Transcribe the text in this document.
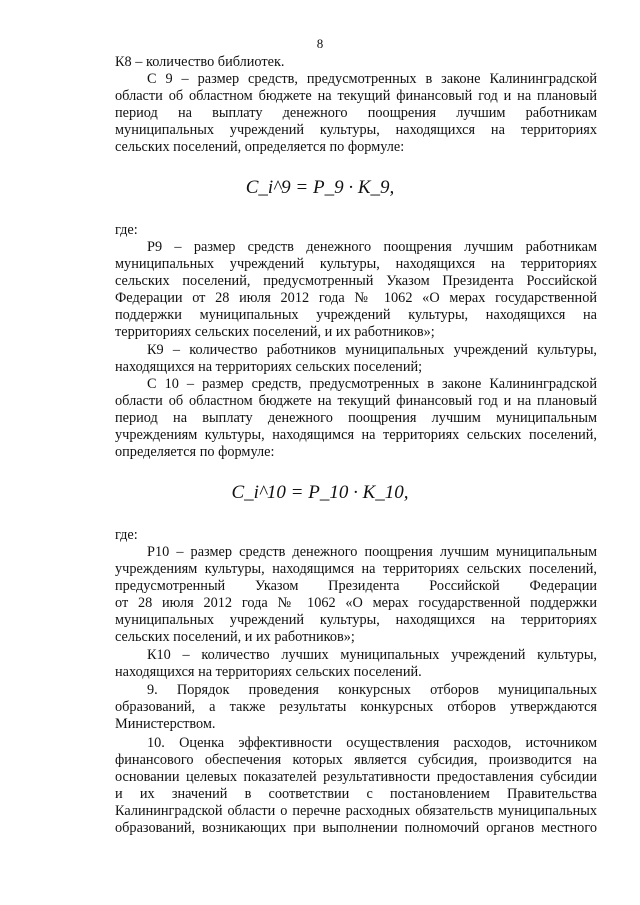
8
К8 – количество библиотек.
C 9 – размер средств, предусмотренных в законе Калининградской
области об областном бюджете на текущий финансовый год и на плановый
период на выплату денежного поощрения лучшим работникам
муниципальных учреждений культуры, находящихся на территориях
сельских поселений, определяется по формуле:
C_i^9 = P_9 · K_9,
где:
Р9 – размер средств денежного поощрения лучшим работникам
муниципальных учреждений культуры, находящихся на территориях
сельских поселений, предусмотренный Указом Президента Российской
Федерации от 28 июля 2012 года № 1062 «О мерах государственной
поддержки муниципальных учреждений культуры, находящихся на
территориях сельских поселений, и их работников»;
К9 – количество работников муниципальных учреждений культуры,
находящихся на территориях сельских поселений;
C 10 – размер средств, предусмотренных в законе Калининградской
области об областном бюджете на текущий финансовый год и на плановый
период на выплату денежного поощрения лучшим муниципальным
учреждениям культуры, находящимся на территориях сельских поселений,
определяется по формуле:
C_i^10 = P_10 · K_10,
где:
Р10 – размер средств денежного поощрения лучшим муниципальным
учреждениям культуры, находящимся на территориях сельских поселений,
предусмотренный Указом Президента Российской Федерации
от 28 июля 2012 года № 1062 «О мерах государственной поддержки
муниципальных учреждений культуры, находящихся на территориях
сельских поселений, и их работников»;
К10 – количество лучших муниципальных учреждений культуры,
находящихся на территориях сельских поселений.
9. Порядок проведения конкурсных отборов муниципальных
образований, а также результаты конкурсных отборов утверждаются
Министерством.
10. Оценка эффективности осуществления расходов, источником
финансового обеспечения которых является субсидия, производится на
основании целевых показателей результативности предоставления субсидии
и их значений в соответствии с постановлением Правительства
Калининградской области о перечне расходных обязательств муниципальных
образований, возникающих при выполнении полномочий органов местного
